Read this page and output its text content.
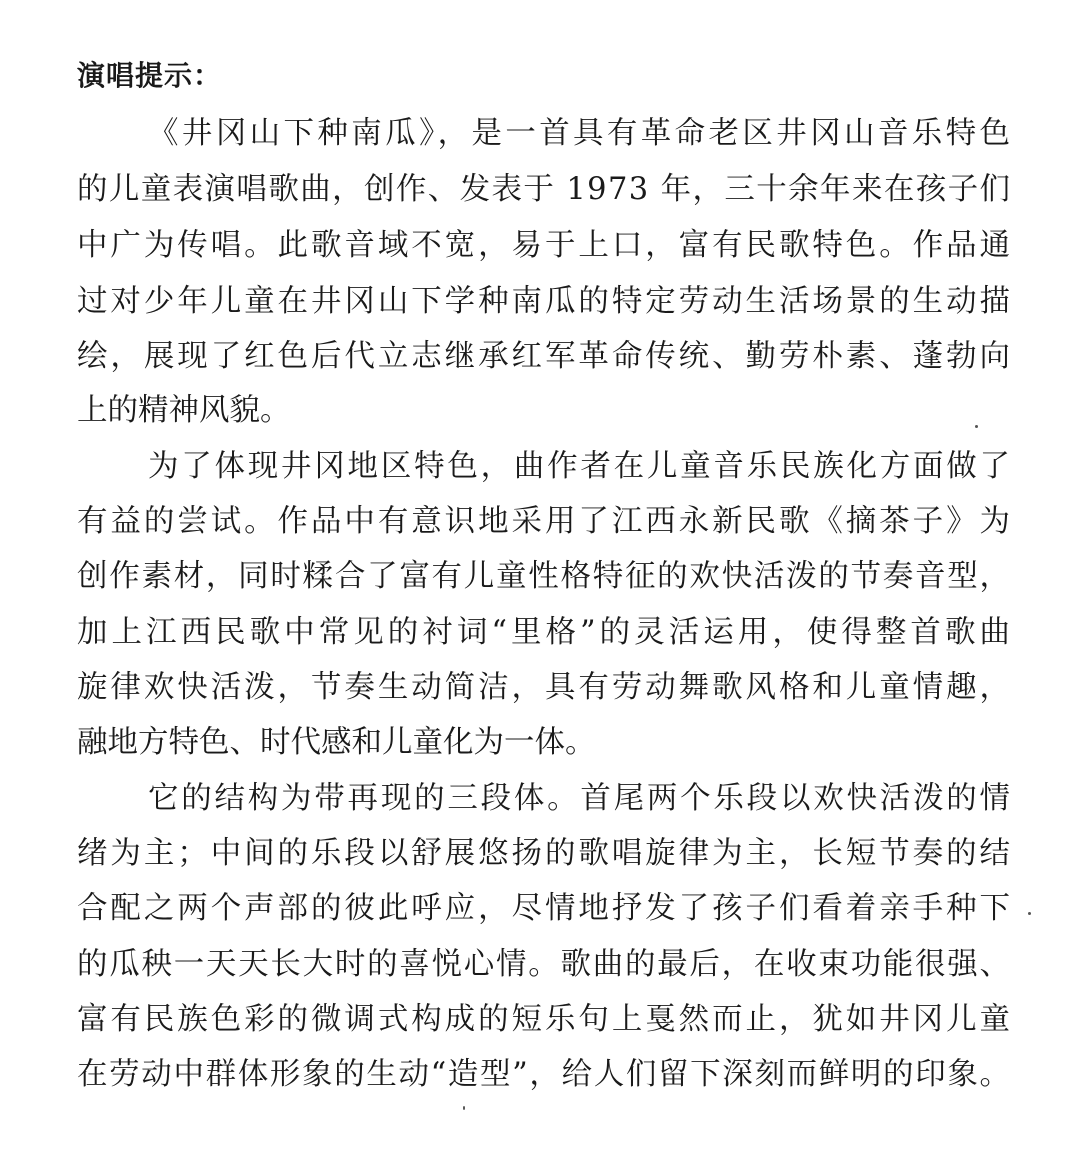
演唱提示：
《井冈山下种南瓜》，是一首具有革命老区井冈山音乐特色
的儿童表演唱歌曲，创作、发表于 1973 年，三十余年来在孩子们
中广为传唱。此歌音域不宽，易于上口，富有民歌特色。作品通
过对少年儿童在井冈山下学种南瓜的特定劳动生活场景的生动描
绘，展现了红色后代立志继承红军革命传统、勤劳朴素、蓬勃向
上的精神风貌。
为了体现井冈地区特色，曲作者在儿童音乐民族化方面做了
有益的尝试。作品中有意识地采用了江西永新民歌《摘茶子》为
创作素材，同时糅合了富有儿童性格特征的欢快活泼的节奏音型，
加上江西民歌中常见的衬词“里格”的灵活运用，使得整首歌曲
旋律欢快活泼，节奏生动简洁，具有劳动舞歌风格和儿童情趣，
融地方特色、时代感和儿童化为一体。
它的结构为带再现的三段体。首尾两个乐段以欢快活泼的情
绪为主；中间的乐段以舒展悠扬的歌唱旋律为主，长短节奏的结
合配之两个声部的彼此呼应，尽情地抒发了孩子们看着亲手种下
的瓜秧一天天长大时的喜悦心情。歌曲的最后，在收束功能很强、
富有民族色彩的微调式构成的短乐句上戛然而止，犹如井冈儿童
在劳动中群体形象的生动“造型”，给人们留下深刻而鲜明的印象。
